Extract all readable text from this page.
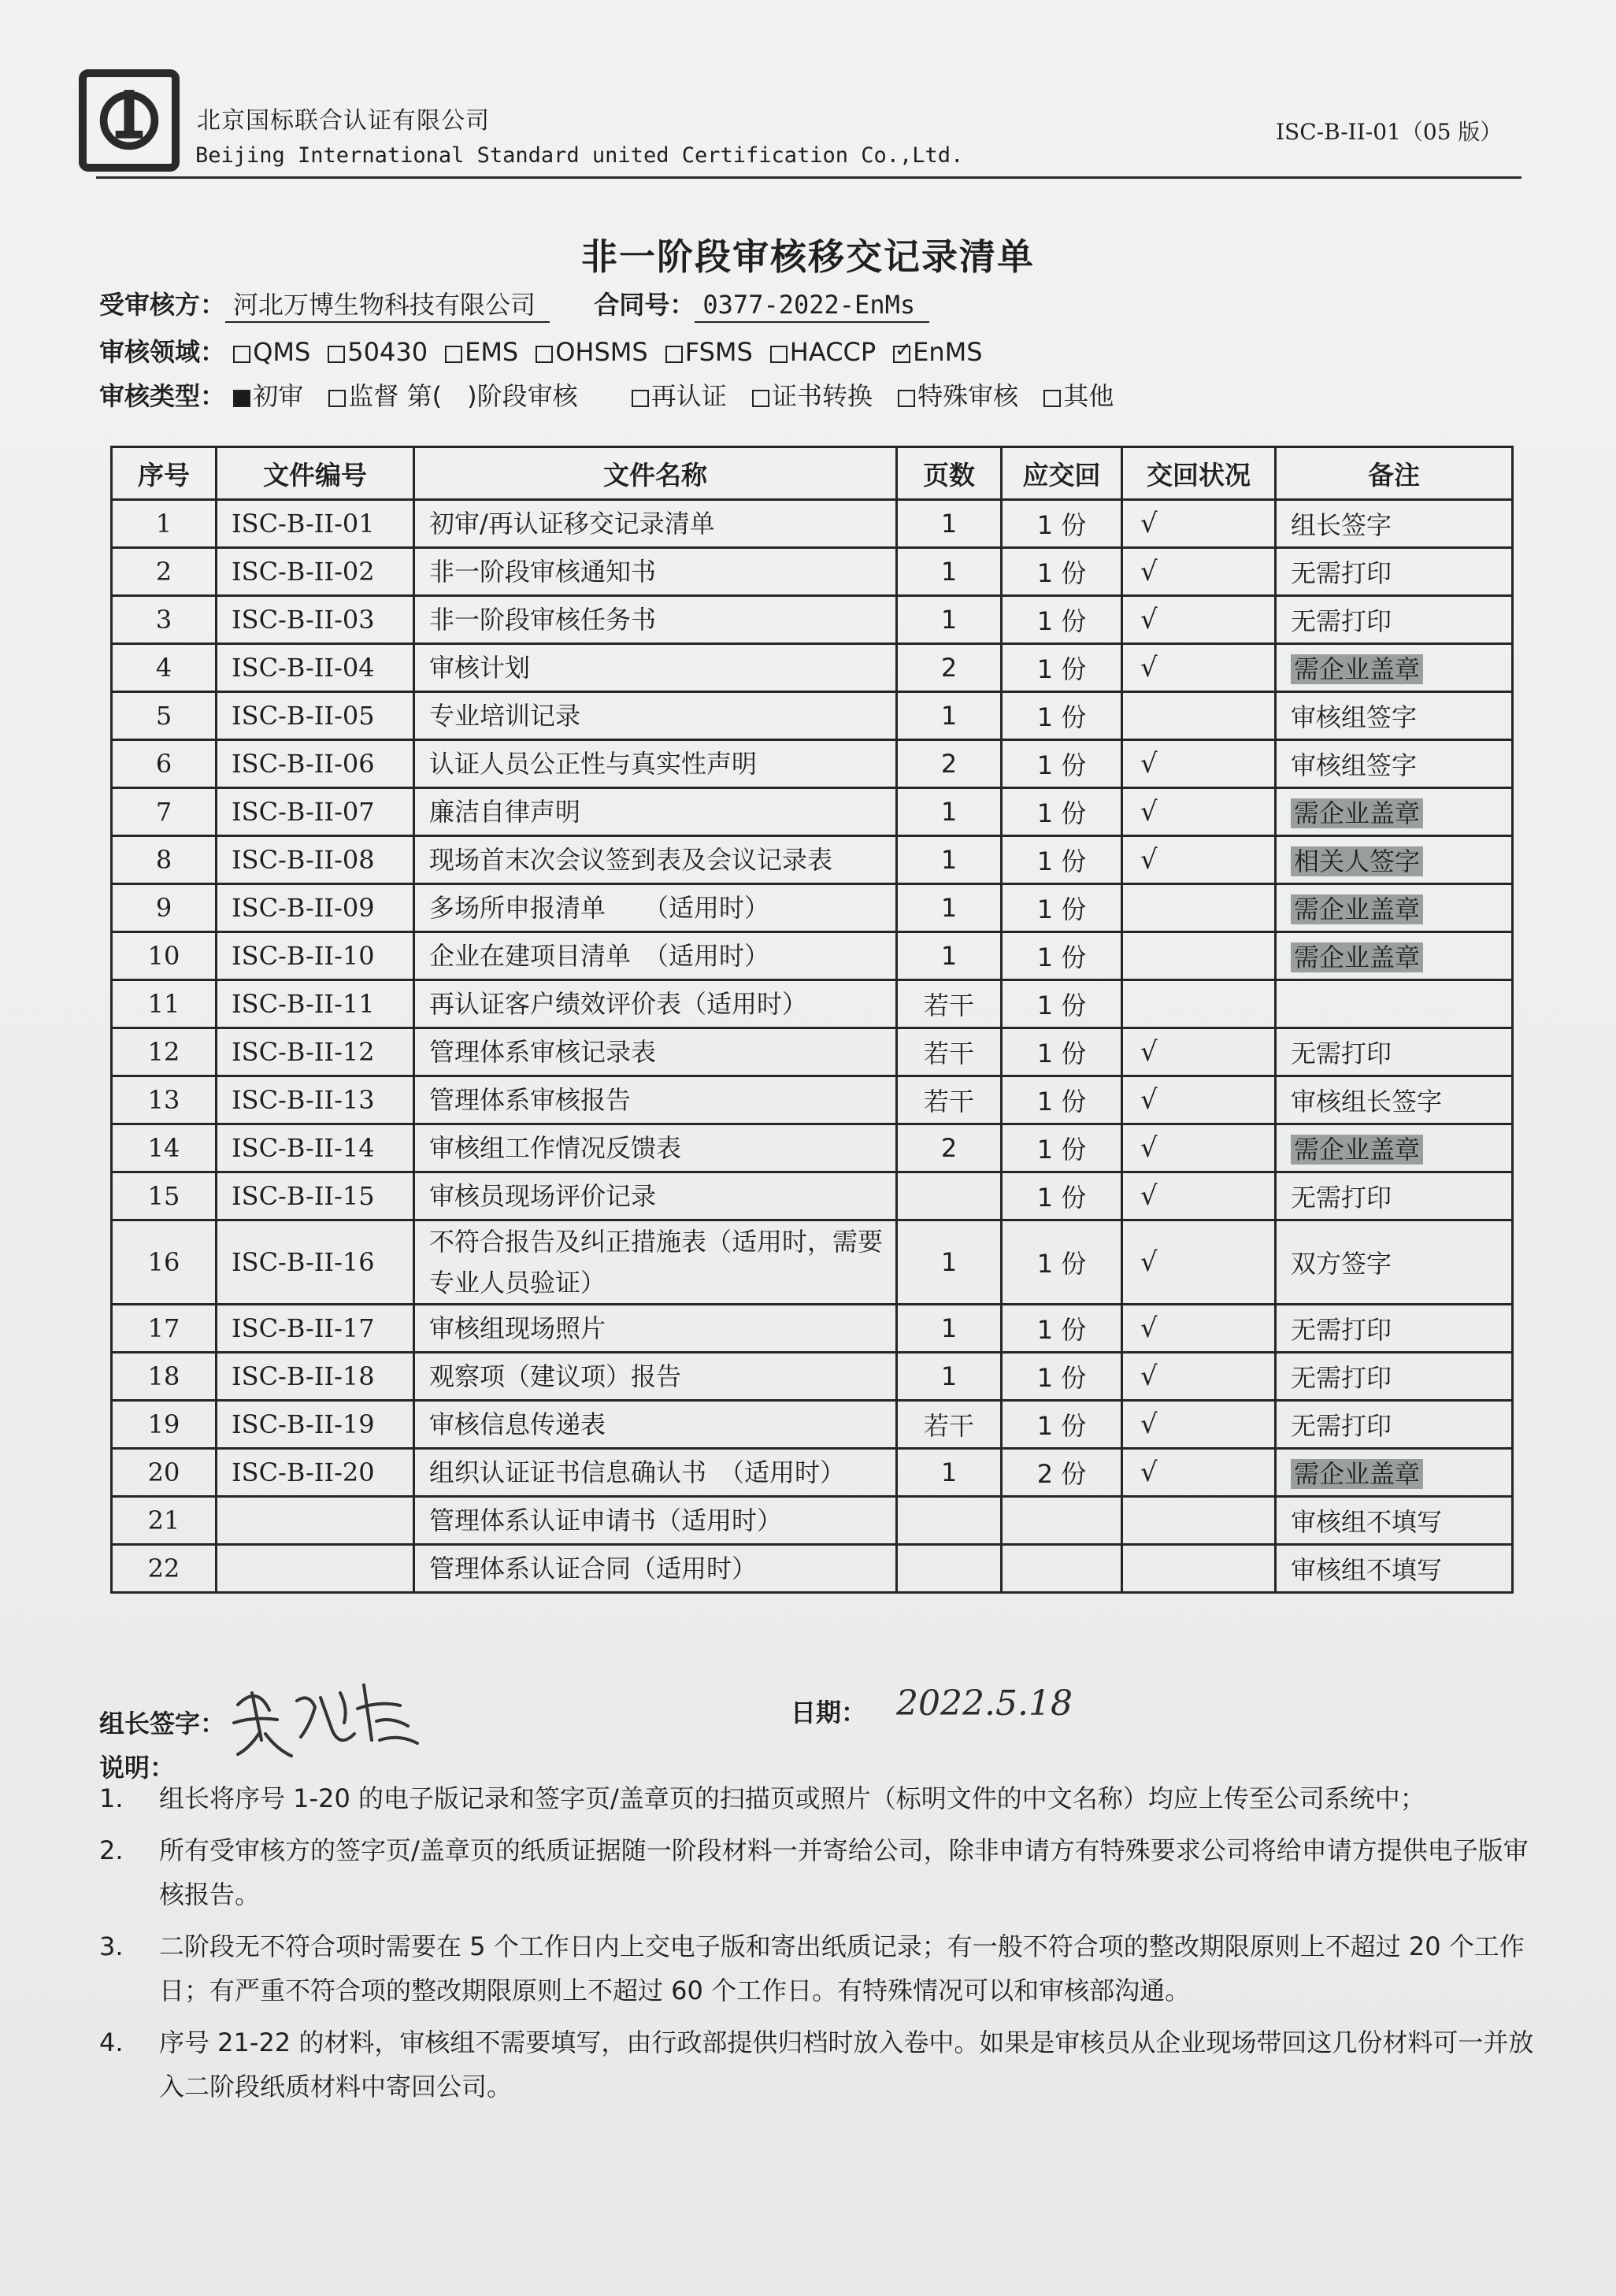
北京国标联合认证有限公司
Beijing International Standard united Certification Co.,Ltd.
ISC-B-II-01（05 版）
非一阶段审核移交记录清单
受审核方： 河北万博生物科技有限公司 合同号： 0377-2022-EnMs
审核领域： QMS 50430 EMS OHSMS FSMS HACCP ✓ EnMS
审核类型： 初审 监督 第(　 )阶段审核	再认证 证书转换 特殊审核 其他
序号	文件编号	文件名称	页数	应交回	交回状况	备注
1	ISC-B-II-01	初审/再认证移交记录清单	1	1 份	√	组长签字
2	ISC-B-II-02	非一阶段审核通知书	1	1 份	√	无需打印
3	ISC-B-II-03	非一阶段审核任务书	1	1 份	√	无需打印
4	ISC-B-II-04	审核计划	2	1 份	√	需企业盖章
5	ISC-B-II-05	专业培训记录	1	1 份		审核组签字
6	ISC-B-II-06	认证人员公正性与真实性声明	2	1 份	√	审核组签字
7	ISC-B-II-07	廉洁自律声明	1	1 份	√	需企业盖章
8	ISC-B-II-08	现场首末次会议签到表及会议记录表	1	1 份	√	相关人签字
9	ISC-B-II-09	多场所申报清单　　（适用时）	1	1 份		需企业盖章
10	ISC-B-II-10	企业在建项目清单　（适用时）	1	1 份		需企业盖章
11	ISC-B-II-11	再认证客户绩效评价表（适用时）	若干	1 份		
12	ISC-B-II-12	管理体系审核记录表	若干	1 份	√	无需打印
13	ISC-B-II-13	管理体系审核报告	若干	1 份	√	审核组长签字
14	ISC-B-II-14	审核组工作情况反馈表	2	1 份	√	需企业盖章
15	ISC-B-II-15	审核员现场评价记录		1 份	√	无需打印
16	ISC-B-II-16	不符合报告及纠正措施表（适用时，需要专业人员验证）	1	1 份	√	双方签字
17	ISC-B-II-17	审核组现场照片	1	1 份	√	无需打印
18	ISC-B-II-18	观察项（建议项）报告	1	1 份	√	无需打印
19	ISC-B-II-19	审核信息传递表	若干	1 份	√	无需打印
20	ISC-B-II-20	组织认证证书信息确认书　（适用时）	1	2 份	√	需企业盖章
21		管理体系认证申请书（适用时）				审核组不填写
22		管理体系认证合同（适用时）				审核组不填写
组长签字：	日期： 2022.5.18
说明：
1.	组长将序号 1-20 的电子版记录和签字页/盖章页的扫描页或照片（标明文件的中文名称）均应上传至公司系统中；
2.	所有受审核方的签字页/盖章页的纸质证据随一阶段材料一并寄给公司，除非申请方有特殊要求公司将给申请方提供电子版审核报告。
3.	二阶段无不符合项时需要在 5 个工作日内上交电子版和寄出纸质记录；有一般不符合项的整改期限原则上不超过 20 个工作日；有严重不符合项的整改期限原则上不超过 60 个工作日。有特殊情况可以和审核部沟通。
4.	序号 21-22 的材料，审核组不需要填写，由行政部提供归档时放入卷中。如果是审核员从企业现场带回这几份材料可一并放入二阶段纸质材料中寄回公司。
